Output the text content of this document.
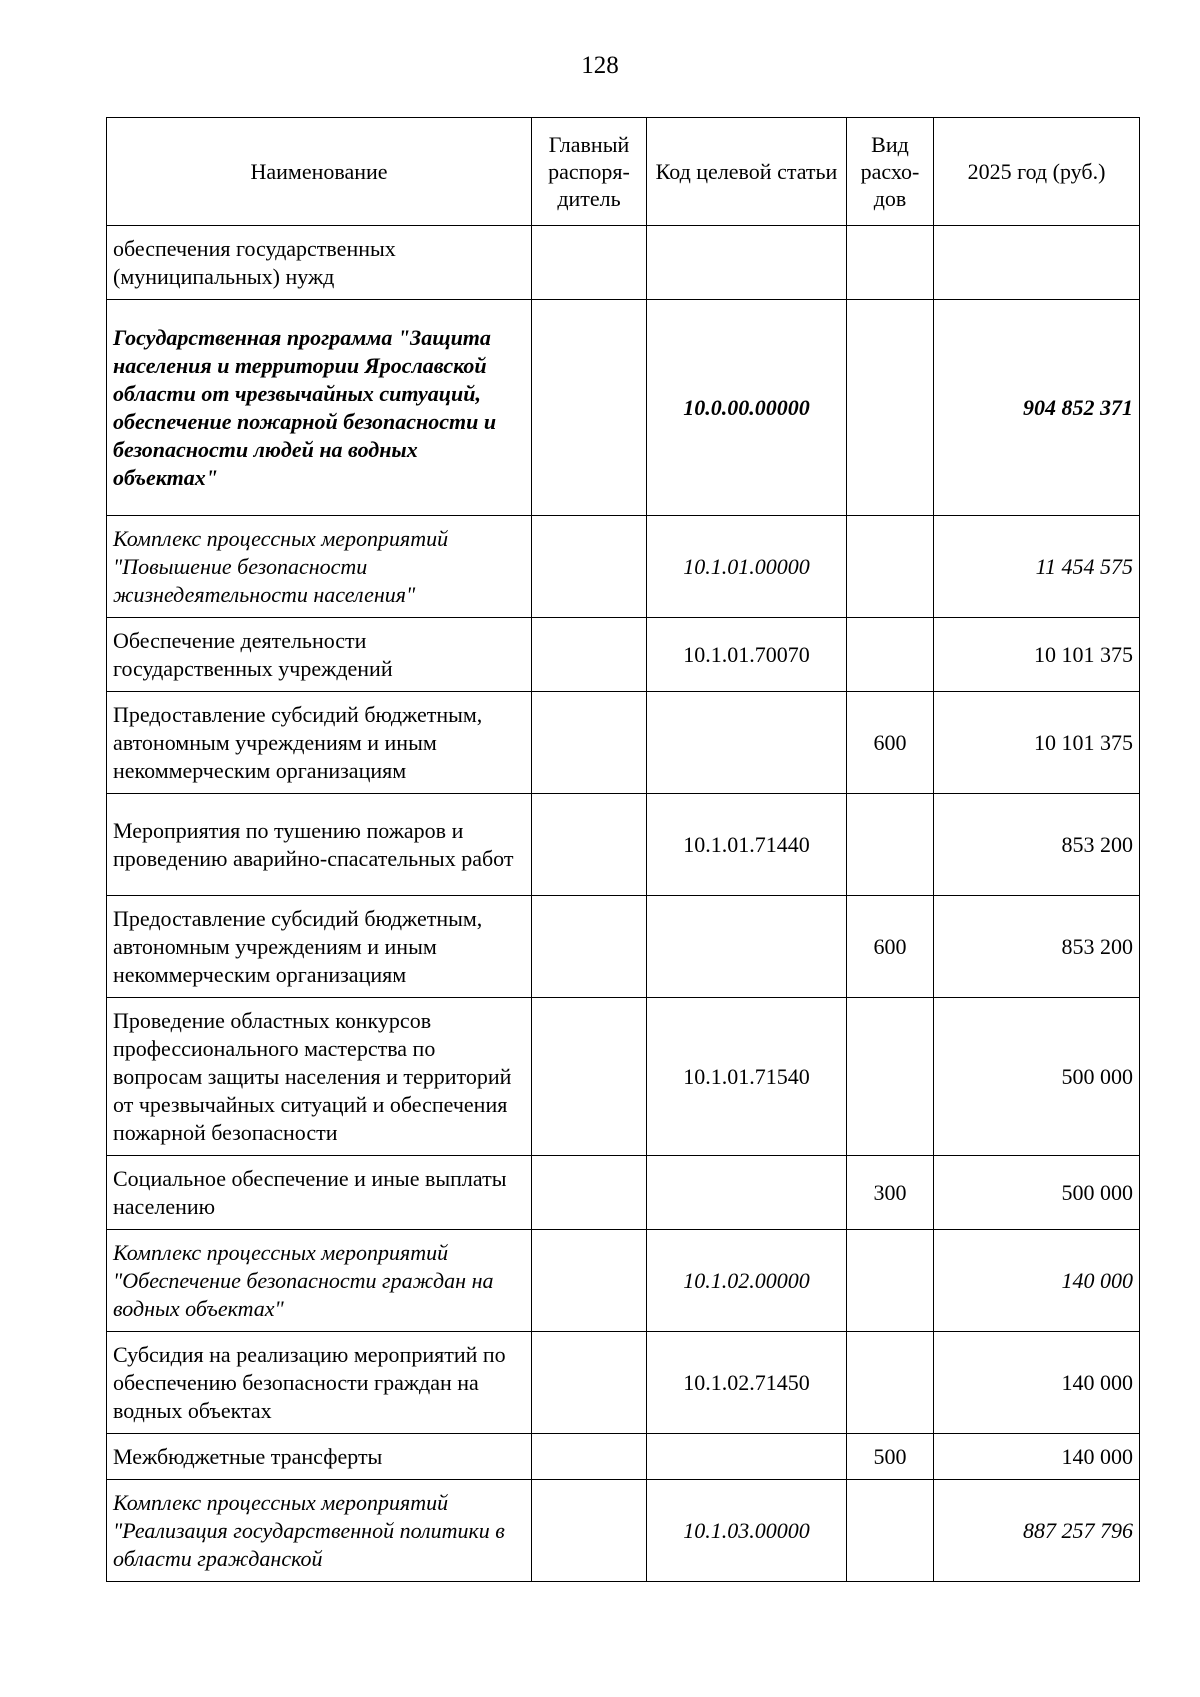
128
Наименование	Главный распоря-дитель	Код целевой статьи	Вид расхо-дов	2025 год (руб.)
обеспечения государственных (муниципальных) нужд				
Государственная программа "Защита населения и территории Ярославской области от чрезвычайных ситуаций, обеспечение пожарной безопасности и безопасности людей на водных объектах"		10.0.00.00000		904 852 371
Комплекс процессных мероприятий "Повышение безопасности жизнедеятельности населения"		10.1.01.00000		11 454 575
Обеспечение деятельности государственных учреждений		10.1.01.70070		10 101 375
Предоставление субсидий бюджетным, автономным учреждениям и иным некоммерческим организациям			600	10 101 375
Мероприятия по тушению пожаров и проведению аварийно-спасательных работ		10.1.01.71440		853 200
Предоставление субсидий бюджетным, автономным учреждениям и иным некоммерческим организациям			600	853 200
Проведение областных конкурсов профессионального мастерства по вопросам защиты населения и территорий от чрезвычайных ситуаций и обеспечения пожарной безопасности		10.1.01.71540		500 000
Социальное обеспечение и иные выплаты населению			300	500 000
Комплекс процессных мероприятий "Обеспечение безопасности граждан на водных объектах"		10.1.02.00000		140 000
Субсидия на реализацию мероприятий по обеспечению безопасности граждан на водных объектах		10.1.02.71450		140 000
Межбюджетные трансферты			500	140 000
Комплекс процессных мероприятий "Реализация государственной политики в области гражданской		10.1.03.00000		887 257 796
